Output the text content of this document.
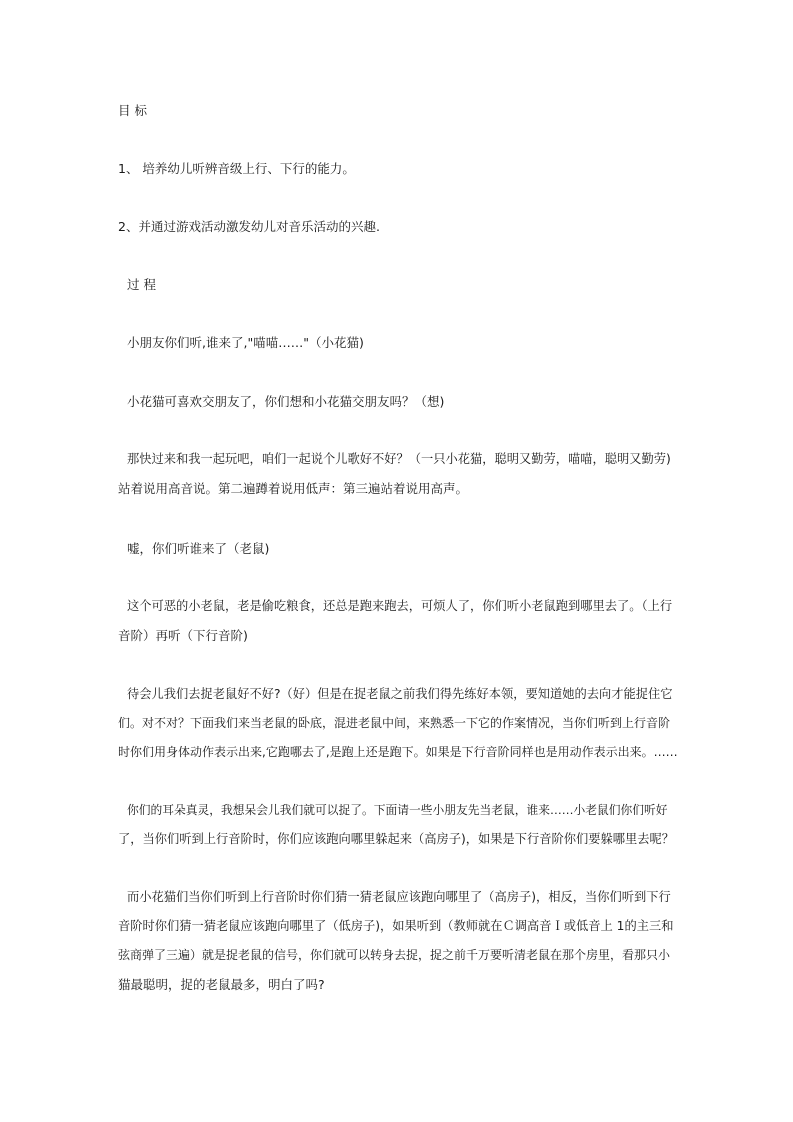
目 标
1、 培养幼儿听辨音级上行、下行的能力。
2、并通过游戏活动激发幼儿对音乐活动的兴趣.
过 程
小朋友你们听,谁来了,"喵喵……"（小花猫)
小花猫可喜欢交朋友了，你们想和小花猫交朋友吗？（想)
那快过来和我一起玩吧，咱们一起说个儿歌好不好？（一只小花猫，聪明又勤劳，喵喵，聪明又勤劳)
站着说用高音说。第二遍蹲着说用低声：第三遍站着说用高声。
嘘，你们听谁来了（老鼠)
这个可恶的小老鼠，老是偷吃粮食，还总是跑来跑去，可烦人了，你们听小老鼠跑到哪里去了。（上行
音阶）再听（下行音阶)
待会儿我们去捉老鼠好不好?（好）但是在捉老鼠之前我们得先练好本领，要知道她的去向才能捉住它
们。对不对？下面我们来当老鼠的卧底，混进老鼠中间，来熟悉一下它的作案情况，当你们听到上行音阶
时你们用身体动作表示出来,它跑哪去了,是跑上还是跑下。如果是下行音阶同样也是用动作表示出来。……
你们的耳朵真灵，我想呆会儿我们就可以捉了。下面请一些小朋友先当老鼠，谁来……小老鼠们你们听好
了，当你们听到上行音阶时，你们应该跑向哪里躲起来（高房子)，如果是下行音阶你们要躲哪里去呢？
而小花猫们当你们听到上行音阶时你们猜一猜老鼠应该跑向哪里了（高房子)，相反，当你们听到下行
音阶时你们猜一猜老鼠应该跑向哪里了（低房子)，如果听到（教师就在Ｃ调高音Ｉ或低音上 1的主三和
弦商弹了三遍）就是捉老鼠的信号，你们就可以转身去捉，捉之前千万要听清老鼠在那个房里，看那只小
猫最聪明，捉的老鼠最多，明白了吗?
